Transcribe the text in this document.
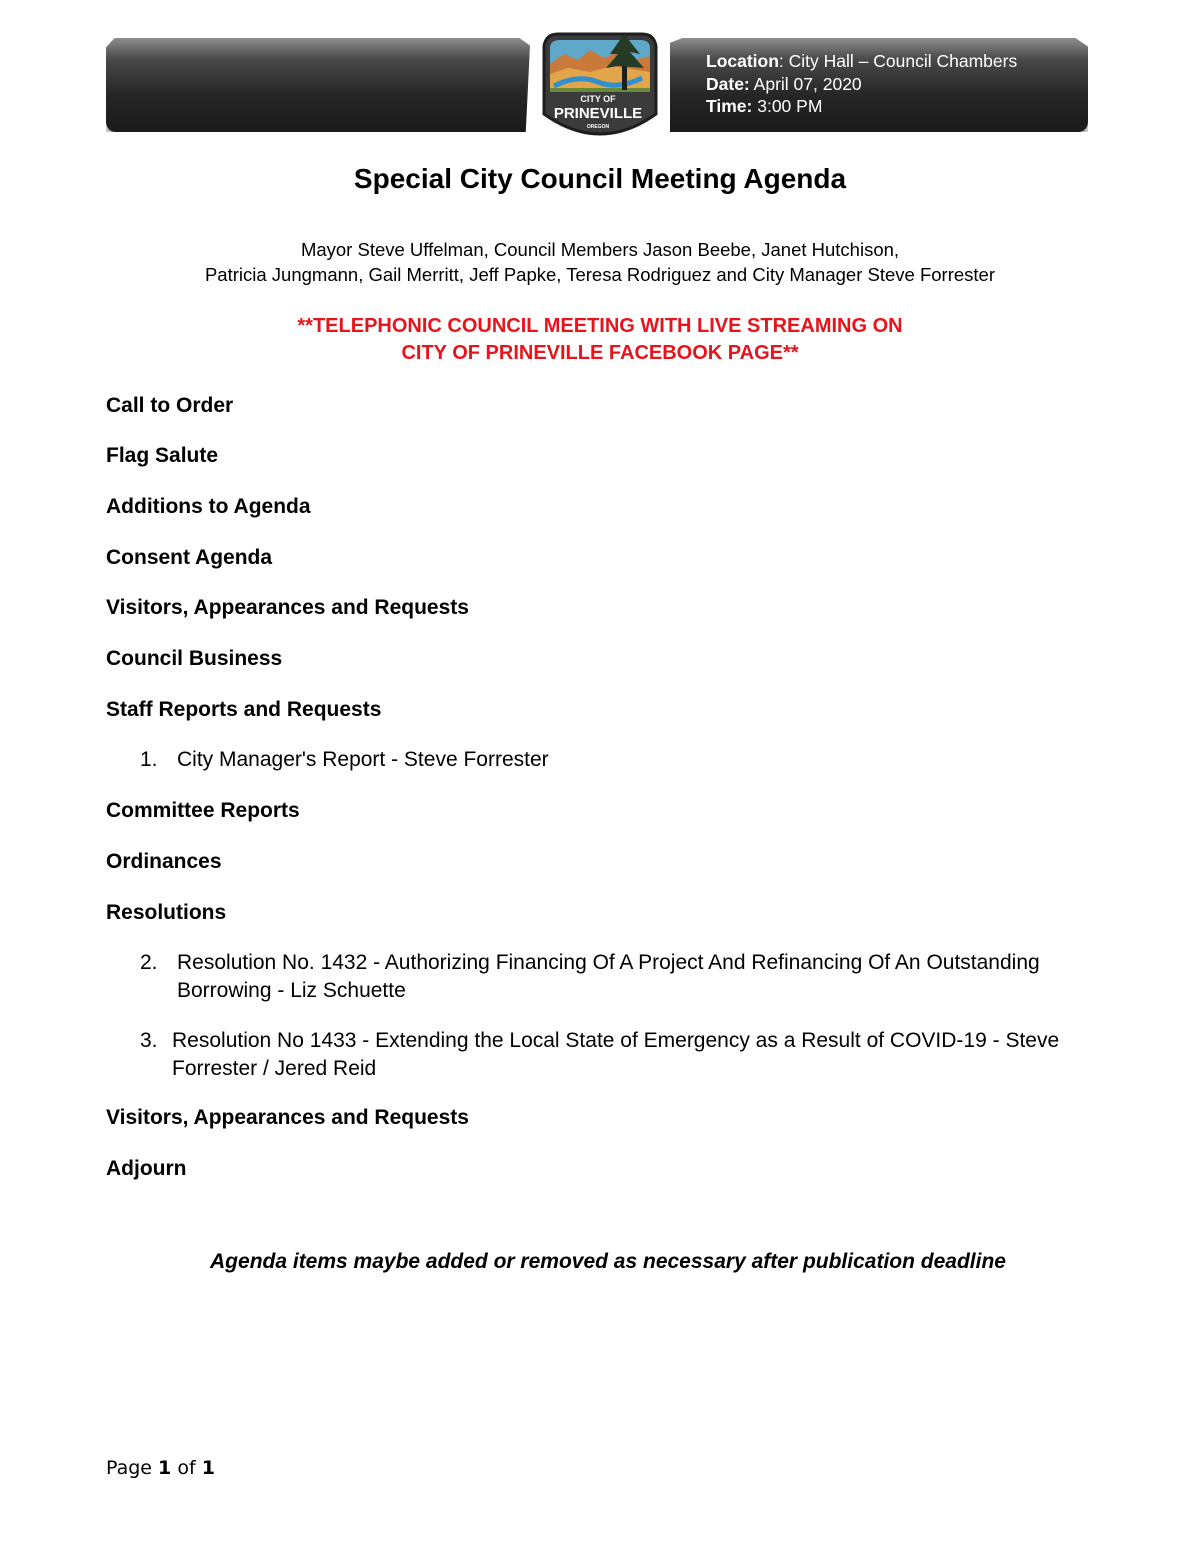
Location: City Hall – Council Chambers
Date: April 07, 2020
Time: 3:00 PM
CITY OF
PRINEVILLE
OREGON
Special City Council Meeting Agenda
Mayor Steve Uffelman, Council Members Jason Beebe, Janet Hutchison,
Patricia Jungmann, Gail Merritt, Jeff Papke, Teresa Rodriguez and City Manager Steve Forrester
**TELEPHONIC COUNCIL MEETING WITH LIVE STREAMING ON
CITY OF PRINEVILLE FACEBOOK PAGE**
Call to Order
Flag Salute
Additions to Agenda
Consent Agenda
Visitors, Appearances and Requests
Council Business
Staff Reports and Requests
1. City Manager's Report - Steve Forrester
Committee Reports
Ordinances
Resolutions
2. Resolution No. 1432 - Authorizing Financing Of A Project And Refinancing Of An Outstanding Borrowing - Liz Schuette
3. Resolution No 1433 - Extending the Local State of Emergency as a Result of COVID-19 - Steve Forrester / Jered Reid
Visitors, Appearances and Requests
Adjourn
Agenda items maybe added or removed as necessary after publication deadline
Page 1 of 1
